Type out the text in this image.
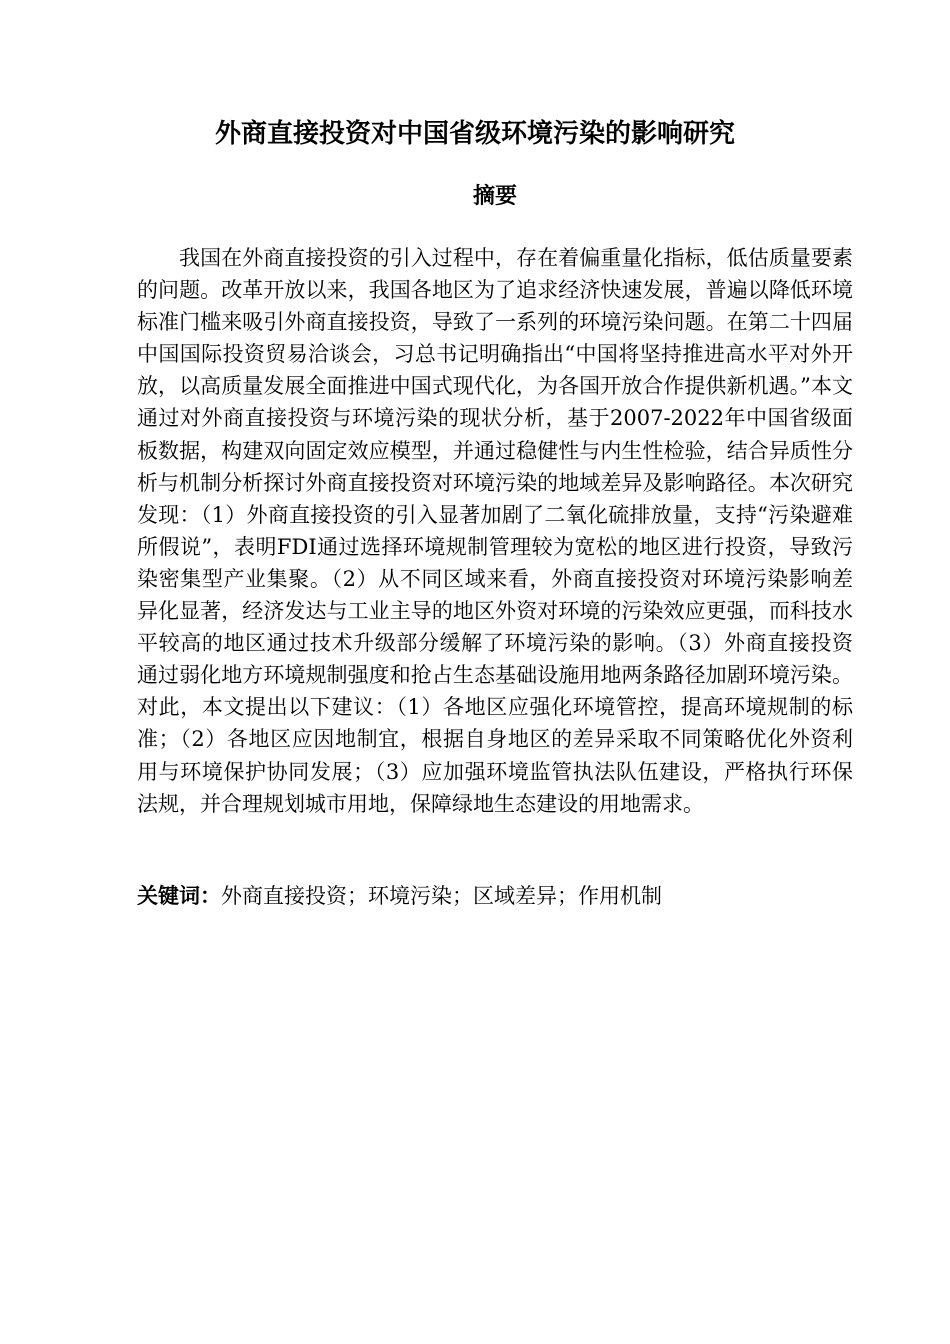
外商直接投资对中国省级环境污染的影响研究
摘要

我国在外商直接投资的引入过程中，存在着偏重量化指标，低估质量要素的问题。改革开放以来，我国各地区为了追求经济快速发展，普遍以降低环境标准门槛来吸引外商直接投资，导致了一系列的环境污染问题。在第二十四届中国国际投资贸易洽谈会，习总书记明确指出“中国将坚持推进高水平对外开放，以高质量发展全面推进中国式现代化，为各国开放合作提供新机遇。”本文通过对外商直接投资与环境污染的现状分析，基于2007-2022年中国省级面板数据，构建双向固定效应模型，并通过稳健性与内生性检验，结合异质性分析与机制分析探讨外商直接投资对环境污染的地域差异及影响路径。本次研究发现：（1）外商直接投资的引入显著加剧了二氧化硫排放量，支持“污染避难所假说”，表明FDI通过选择环境规制管理较为宽松的地区进行投资，导致污染密集型产业集聚。（2）从不同区域来看，外商直接投资对环境污染影响差异化显著，经济发达与工业主导的地区外资对环境的污染效应更强，而科技水平较高的地区通过技术升级部分缓解了环境污染的影响。（3）外商直接投资通过弱化地方环境规制强度和抢占生态基础设施用地两条路径加剧环境污染。对此，本文提出以下建议：（1）各地区应强化环境管控，提高环境规制的标准；（2）各地区应因地制宜，根据自身地区的差异采取不同策略优化外资利用与环境保护协同发展；（3）应加强环境监管执法队伍建设，严格执行环保法规，并合理规划城市用地，保障绿地生态建设的用地需求。

关键词：外商直接投资；环境污染；区域差异；作用机制
